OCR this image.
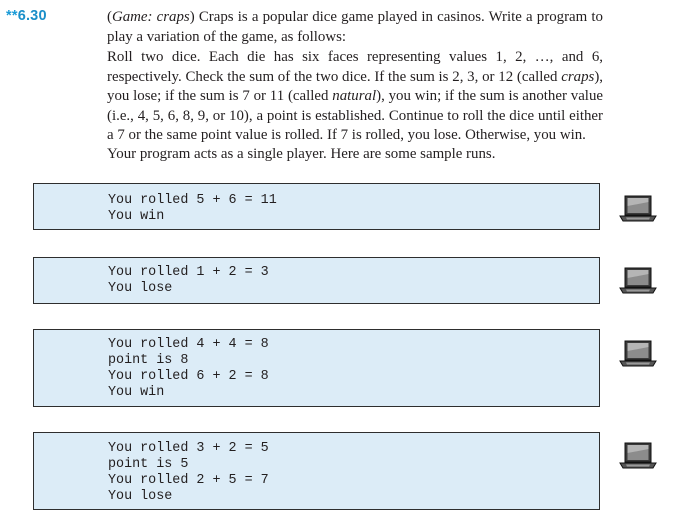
**6.30	(Game: craps) Craps is a popular dice game played in casinos. Write a program to play a variation of the game, as follows:
Roll two dice. Each die has six faces representing values 1, 2, …, and 6, respectively. Check the sum of the two dice. If the sum is 2, 3, or 12 (called craps), you lose; if the sum is 7 or 11 (called natural), you win; if the sum is another value (i.e., 4, 5, 6, 8, 9, or 10), a point is established. Continue to roll the dice until either a 7 or the same point value is rolled. If 7 is rolled, you lose. Otherwise, you win.
Your program acts as a single player. Here are some sample runs.
You rolled 5 + 6 = 11
You win
You rolled 1 + 2 = 3
You lose
You rolled 4 + 4 = 8
point is 8
You rolled 6 + 2 = 8
You win
You rolled 3 + 2 = 5
point is 5
You rolled 2 + 5 = 7
You lose
